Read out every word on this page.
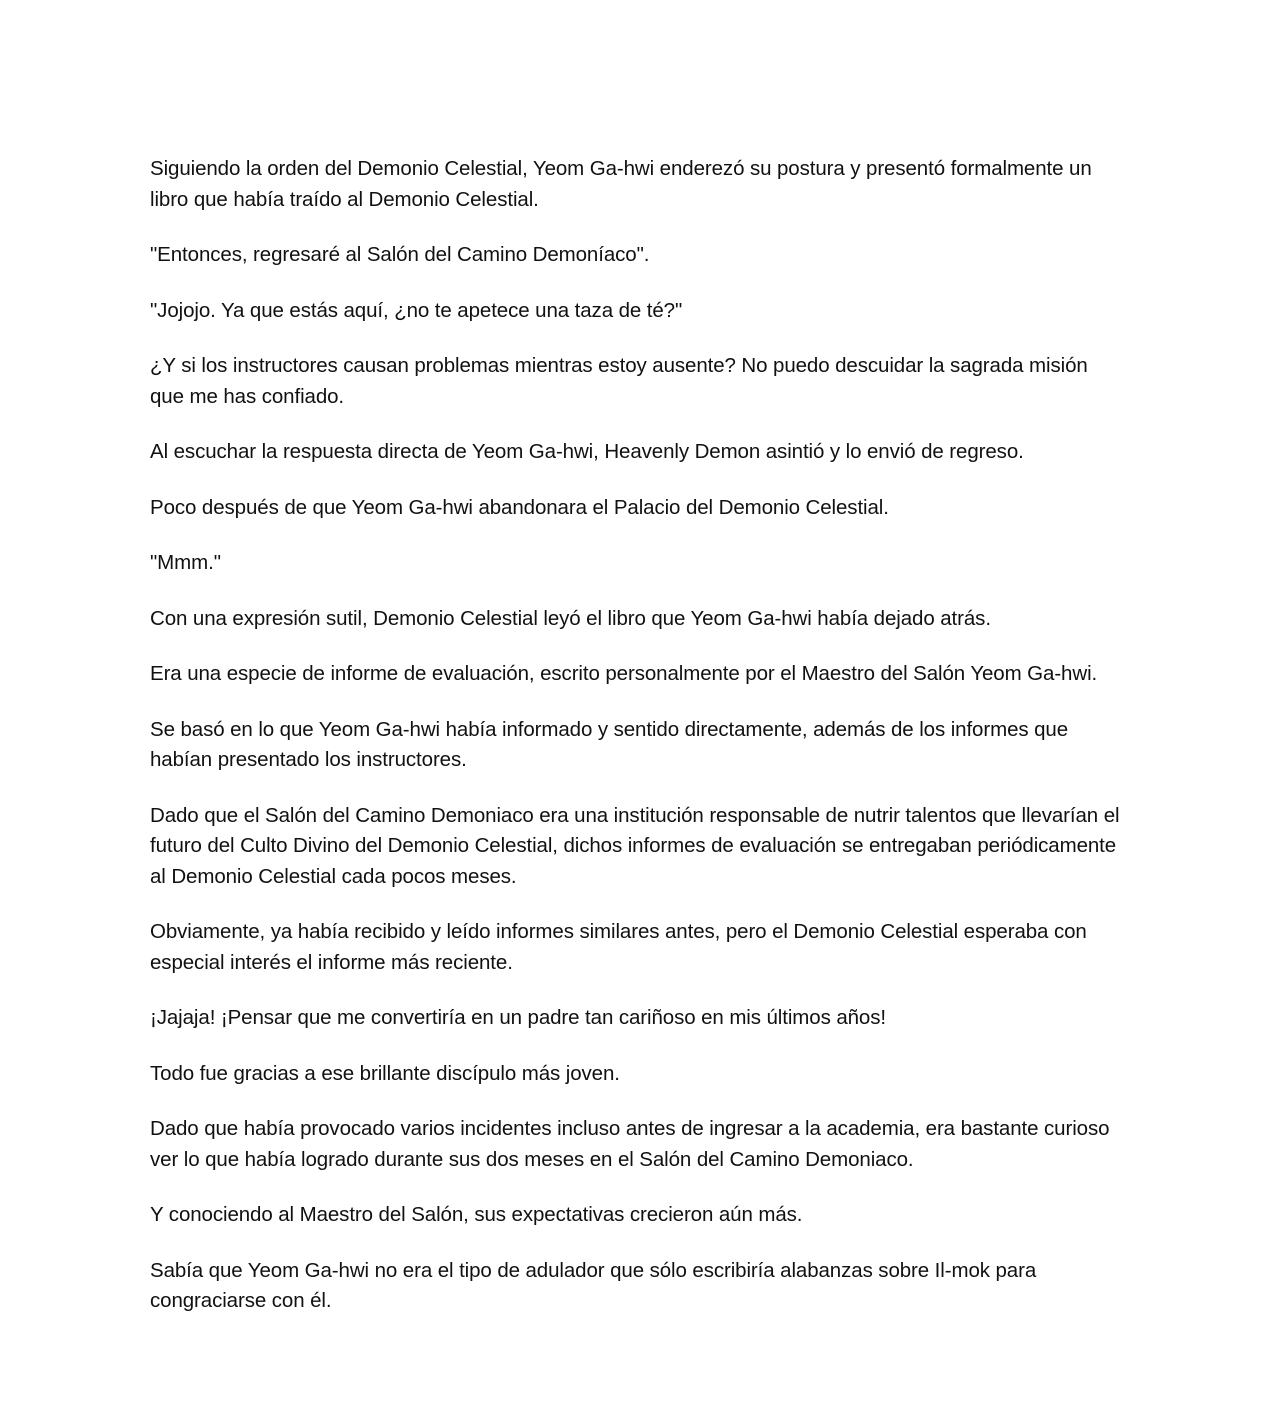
Siguiendo la orden del Demonio Celestial, Yeom Ga-hwi enderezó su postura y presentó formalmente un libro que había traído al Demonio Celestial.

"Entonces, regresaré al Salón del Camino Demoníaco".

"Jojojo. Ya que estás aquí, ¿no te apetece una taza de té?"

¿Y si los instructores causan problemas mientras estoy ausente? No puedo descuidar la sagrada misión que me has confiado.

Al escuchar la respuesta directa de Yeom Ga-hwi, Heavenly Demon asintió y lo envió de regreso.

Poco después de que Yeom Ga-hwi abandonara el Palacio del Demonio Celestial.

"Mmm."

Con una expresión sutil, Demonio Celestial leyó el libro que Yeom Ga-hwi había dejado atrás.

Era una especie de informe de evaluación, escrito personalmente por el Maestro del Salón Yeom Ga-hwi.

Se basó en lo que Yeom Ga-hwi había informado y sentido directamente, además de los informes que habían presentado los instructores.

Dado que el Salón del Camino Demoniaco era una institución responsable de nutrir talentos que llevarían el futuro del Culto Divino del Demonio Celestial, dichos informes de evaluación se entregaban periódicamente al Demonio Celestial cada pocos meses.

Obviamente, ya había recibido y leído informes similares antes, pero el Demonio Celestial esperaba con especial interés el informe más reciente.

¡Jajaja! ¡Pensar que me convertiría en un padre tan cariñoso en mis últimos años!

Todo fue gracias a ese brillante discípulo más joven.

Dado que había provocado varios incidentes incluso antes de ingresar a la academia, era bastante curioso ver lo que había logrado durante sus dos meses en el Salón del Camino Demoniaco.

Y conociendo al Maestro del Salón, sus expectativas crecieron aún más.

Sabía que Yeom Ga-hwi no era el tipo de adulador que sólo escribiría alabanzas sobre Il-mok para congraciarse con él.
